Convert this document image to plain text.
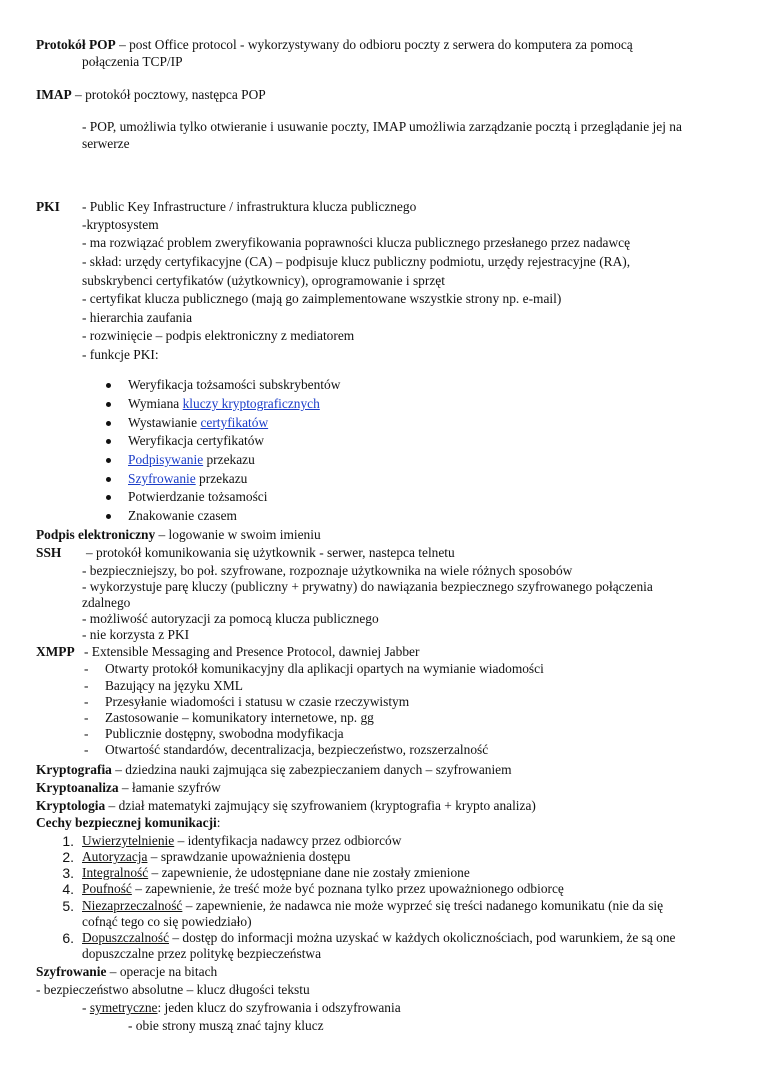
Protokół POP – post Office protocol - wykorzystywany do odbioru poczty z serwera do komputera za pomocą
połączenia TCP/IP
IMAP – protokół pocztowy, następca POP
- POP, umożliwia tylko otwieranie i usuwanie poczty, IMAP umożliwia zarządzanie pocztą i przeglądanie jej na
serwerze
PKI - Public Key Infrastructure / infrastruktura klucza publicznego
-kryptosystem
- ma rozwiązać problem zweryfikowania poprawności klucza publicznego przesłanego przez nadawcę
- skład: urzędy certyfikacyjne (CA) – podpisuje klucz publiczny podmiotu, urzędy rejestracyjne (RA),
subskrybenci certyfikatów (użytkownicy), oprogramowanie i sprzęt
- certyfikat klucza publicznego (mają go zaimplementowane wszystkie strony np. e-mail)
- hierarchia zaufania
- rozwinięcie – podpis elektroniczny z mediatorem
- funkcje PKI:
Weryfikacja tożsamości subskrybentów
Wymiana kluczy kryptograficznych
Wystawianie certyfikatów
Weryfikacja certyfikatów
Podpisywanie przekazu
Szyfrowanie przekazu
Potwierdzanie tożsamości
Znakowanie czasem
Podpis elektroniczny – logowanie w swoim imieniu
SSH – protokół komunikowania się użytkownik - serwer, nastepca telnetu
- bezpieczniejszy, bo poł. szyfrowane, rozpoznaje użytkownika na wiele różnych sposobów
- wykorzystuje parę kluczy (publiczny + prywatny) do nawiązania bezpiecznego szyfrowanego połączenia
zdalnego
- możliwość autoryzacji za pomocą klucza publicznego
- nie korzysta z PKI
XMPP - Extensible Messaging and Presence Protocol, dawniej Jabber
- Otwarty protokół komunikacyjny dla aplikacji opartych na wymianie wiadomości
- Bazujący na języku XML
- Przesyłanie wiadomości i statusu w czasie rzeczywistym
- Zastosowanie – komunikatory internetowe, np. gg
- Publicznie dostępny, swobodna modyfikacja
- Otwartość standardów, decentralizacja, bezpieczeństwo, rozszerzalność
Kryptografia – dziedzina nauki zajmująca się zabezpieczaniem danych – szyfrowaniem
Kryptoanaliza – łamanie szyfrów
Kryptologia – dział matematyki zajmujący się szyfrowaniem (kryptografia + krypto analiza)
Cechy bezpiecznej komunikacji:
1. Uwierzytelnienie – identyfikacja nadawcy przez odbiorców
2. Autoryzacja – sprawdzanie upoważnienia dostępu
3. Integralność – zapewnienie, że udostępniane dane nie zostały zmienione
4. Poufność – zapewnienie, że treść może być poznana tylko przez upoważnionego odbiorcę
5. Niezaprzeczalność – zapewnienie, że nadawca nie może wyprzeć się treści nadanego komunikatu (nie da się
cofnąć tego co się powiedziało)
6. Dopuszczalność – dostęp do informacji można uzyskać w każdych okolicznościach, pod warunkiem, że są one
dopuszczalne przez politykę bezpieczeństwa
Szyfrowanie – operacje na bitach
- bezpieczeństwo absolutne – klucz długości tekstu
- symetryczne: jeden klucz do szyfrowania i odszyfrowania
- obie strony muszą znać tajny klucz
